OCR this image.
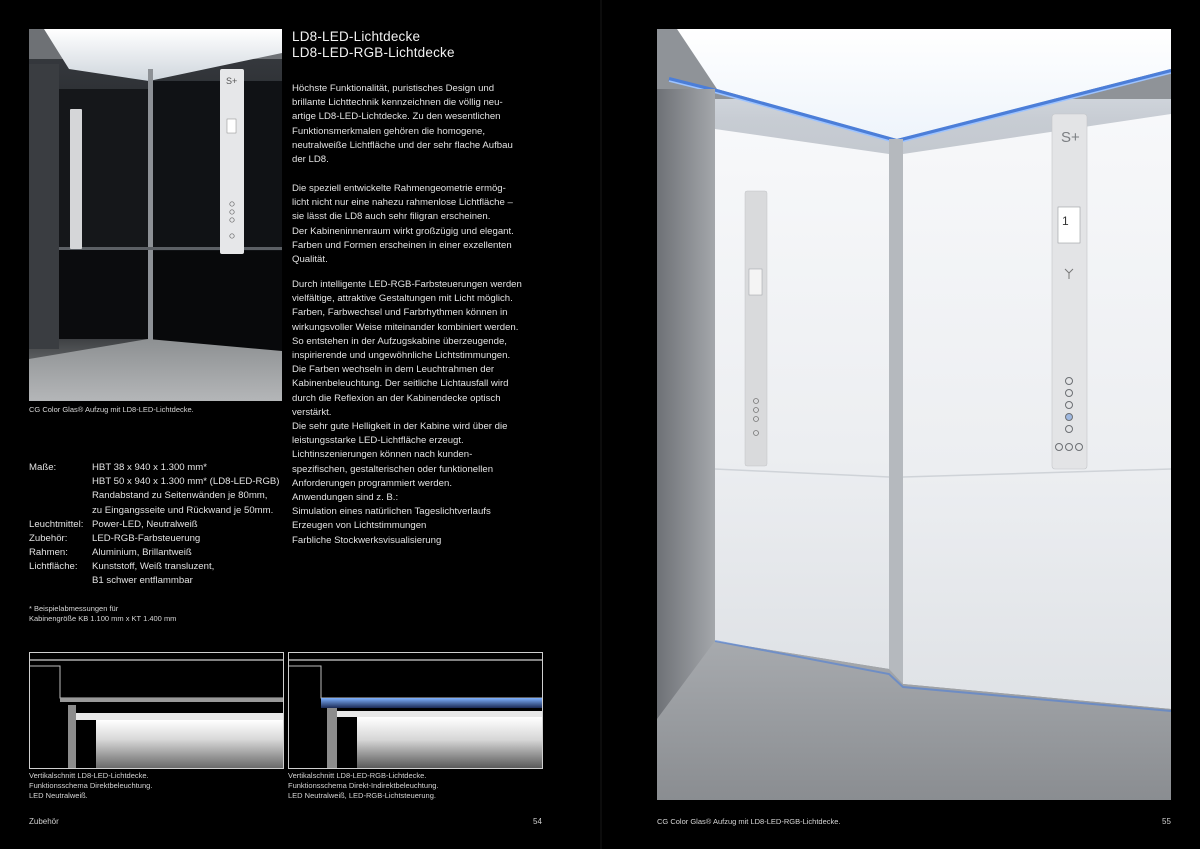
S+
CG Color Glas® Aufzug mit LD8-LED-Lichtdecke.
LD8-LED-Lichtdecke
LD8-LED-RGB-Lichtdecke
Höchste Funktionalität, puristisches Design und
brillante Lichttechnik kennzeichnen die völlig neu-
artige LD8-LED-Lichtdecke. Zu den wesentlichen
Funktionsmerkmalen gehören die homogene,
neutralweiße Lichtfläche und der sehr flache Aufbau
der LD8.
Die speziell entwickelte Rahmengeometrie ermög-
licht nicht nur eine nahezu rahmenlose Lichtfläche –
sie lässt die LD8 auch sehr filigran erscheinen.
Der Kabineninnenraum wirkt großzügig und elegant.
Farben und Formen erscheinen in einer exzellenten
Qualität.
Durch intelligente LED-RGB-Farbsteuerungen werden
vielfältige, attraktive Gestaltungen mit Licht möglich.
Farben, Farbwechsel und Farbrhythmen können in
wirkungsvoller Weise miteinander kombiniert werden.
So entstehen in der Aufzugskabine überzeugende,
inspirierende und ungewöhnliche Lichtstimmungen.
Die Farben wechseln in dem Leuchtrahmen der
Kabinenbeleuchtung. Der seitliche Lichtausfall wird
durch die Reflexion an der Kabinendecke optisch
verstärkt.
Die sehr gute Helligkeit in der Kabine wird über die
leistungsstarke LED-Lichtfläche erzeugt.
Lichtinszenierungen können nach kunden-
spezifischen, gestalterischen oder funktionellen
Anforderungen programmiert werden.
Anwendungen sind z. B.:
Simulation eines natürlichen Tageslichtverlaufs
Erzeugen von Lichtstimmungen
Farbliche Stockwerksvisualisierung
Maße:	HBT 38 x 940 x 1.300 mm*
HBT 50 x 940 x 1.300 mm* (LD8-LED-RGB)
Randabstand zu Seitenwänden je 80mm,
zu Eingangsseite und Rückwand je 50mm.
Leuchtmittel: Power-LED, Neutralweiß
Zubehör:	LED-RGB-Farbsteuerung
Rahmen:	Aluminium, Brillantweiß
Lichtfläche:	Kunststoff, Weiß transluzent,
B1 schwer entflammbar
* Beispielabmessungen für
Kabinengröße KB 1.100 mm x KT 1.400 mm
Vertikalschnitt LD8-LED-Lichtdecke.
Funktionsschema Direktbeleuchtung.
LED Neutralweiß.
Vertikalschnitt LD8-LED-RGB-Lichtdecke.
Funktionsschema Direkt-Indirektbeleuchtung.
LED Neutralweiß, LED-RGB-Lichtsteuerung.
Zubehör	54
S+
1
CG Color Glas® Aufzug mit LD8-LED-RGB-Lichtdecke.	55
